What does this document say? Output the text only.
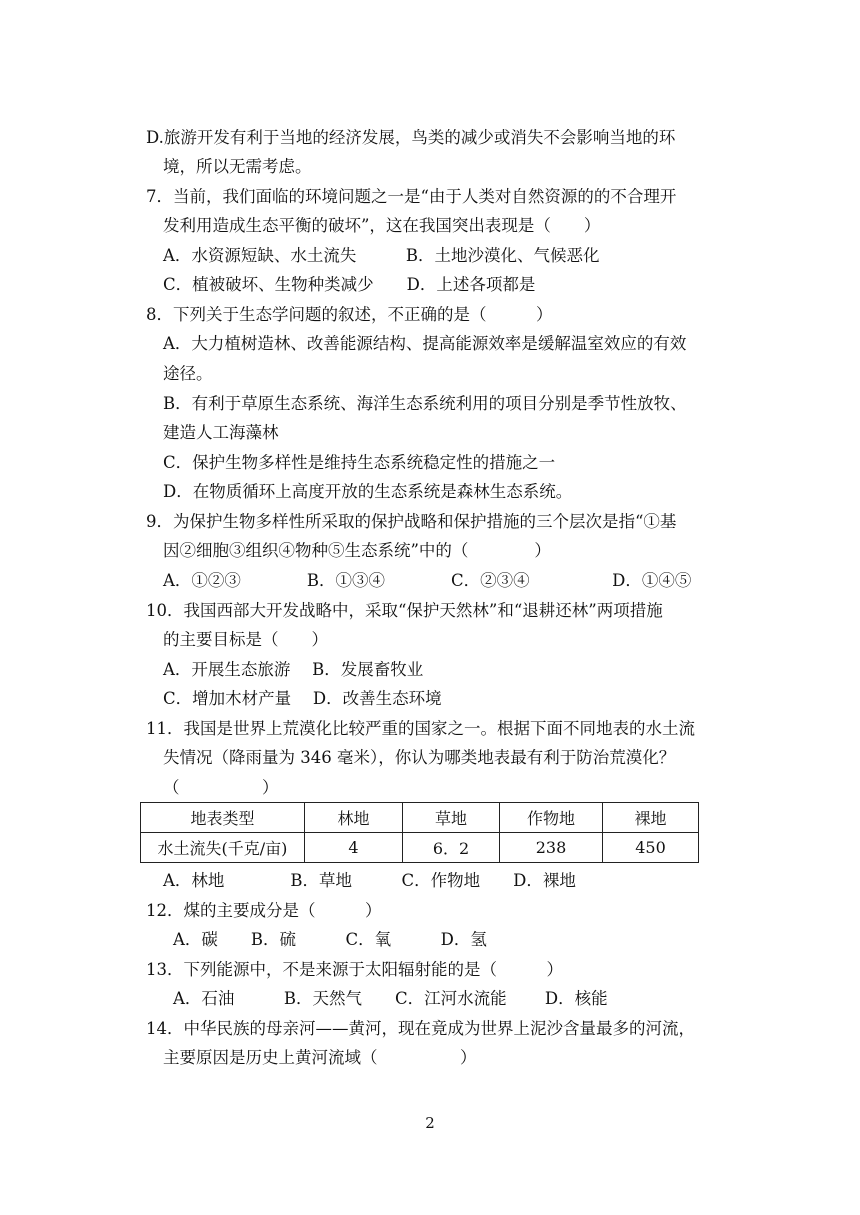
D.旅游开发有利于当地的经济发展，鸟类的减少或消失不会影响当地的环
境，所以无需考虑。
7．当前，我们面临的环境问题之一是“由于人类对自然资源的的不合理开
发利用造成生态平衡的破坏”，这在我国突出表现是（　　）
A．水资源短缺、水土流失　　　B．土地沙漠化、气候恶化
C．植被破坏、生物种类减少　　D．上述各项都是
8．下列关于生态学问题的叙述，不正确的是（　　　）
A．大力植树造林、改善能源结构、提高能源效率是缓解温室效应的有效
途径。
B．有利于草原生态系统、海洋生态系统利用的项目分别是季节性放牧、
建造人工海藻林
C．保护生物多样性是维持生态系统稳定性的措施之一
D．在物质循环上高度开放的生态系统是森林生态系统。
9．为保护生物多样性所采取的保护战略和保护措施的三个层次是指“①基
因②细胞③组织④物种⑤生态系统”中的（　　　　）
A．①②③　　　　B．①③④　　　　C．②③④　　　　　D．①④⑤
10．我国西部大开发战略中，采取“保护天然林”和“退耕还林”两项措施
的主要目标是（　　）
A．开展生态旅游　 B．发展畜牧业
C．增加木材产量　 D．改善生态环境
11．我国是世界上荒漠化比较严重的国家之一。根据下面不同地表的水土流
失情况（降雨量为 346 毫米），你认为哪类地表最有利于防治荒漠化？
（　　　　　）
地表类型	林地	草地	作物地	裸地
水土流失(千克/亩)	4	6．2	238	450
A．林地　　　　B．草地　　　C．作物地　　D．裸地
12．煤的主要成分是（　　　）
A．碳　　B．硫　　　C．氧　　　D．氢
13．下列能源中，不是来源于太阳辐射能的是（　　　）
A．石油　　　B．天然气　　C．江河水流能　　 D．核能
14．中华民族的母亲河——黄河，现在竟成为世界上泥沙含量最多的河流，
主要原因是历史上黄河流域（　　　　　）
2
